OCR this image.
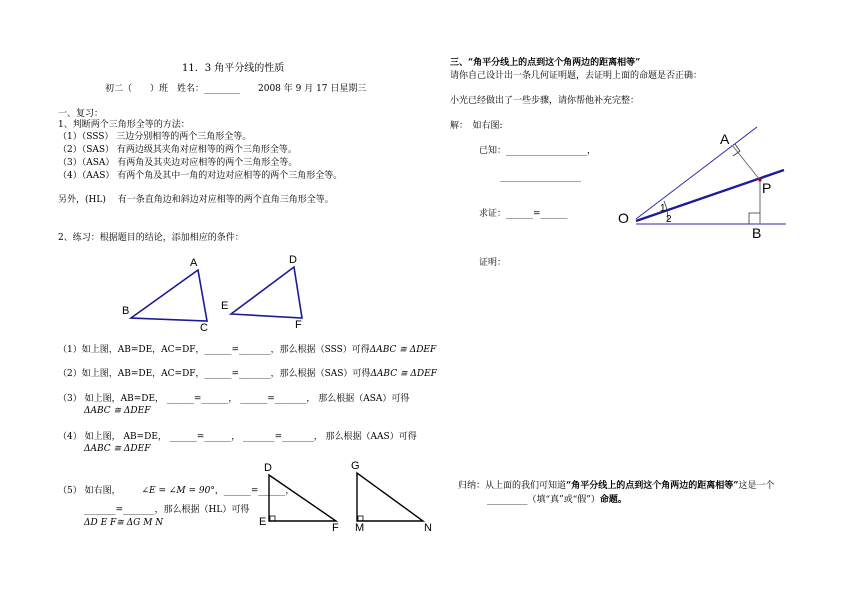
11．3 角平分线的性质
初二（　　）班　姓名：________　　2008 年 9 月 17 日星期三
一、复习：
1、判断两个三角形全等的方法：
（1）（SSS） 三边分别相等的两个三角形全等。
（2）（SAS） 有两边级其夹角对应相等的两个三角形全等。
（3）（ASA） 有两角及其夹边对应相等的两个三角形全等。
（4）（AAS） 有两个角及其中一角的对边对应相等的两个三角形全等。
另外，(HL)　 有一条直角边和斜边对应相等的两个直角三角形全等。
2、练习：根据题目的结论，添加相应的条件：
A
B
C
D
E
F
（1）如上图，AB=DE，AC=DF，______=_______，那么根据（SSS）可得ΔABC ≅ ΔDEF
（2）如上图，AB=DE，AC=DF，______=_______，那么根据（SAS）可得ΔABC ≅ ΔDEF
（3） 如上图，AB=DE， ______=______， ______=_______， 那么根据（ASA）可得
ΔABC ≅ ΔDEF
（4） 如上图， AB=DE， ______=______， _______=_______， 那么根据（AAS）可得
ΔABC ≅ ΔDEF
（5） 如右图， ∠E = ∠M = 90°，______=______，
_______=_______，那么根据（HL）可得
ΔD E F≅ ΔG M N
D
E	F
G
M	N
三、“角平分线上的点到这个角两边的距离相等”
请你自己设计出一条几何证明题，去证明上面的命题是否正确：
小光已经做出了一些步骤，请你帮他补充完整：
解：　如右图:
已知：__________________，
__________________
求证：______=______
证明：
A
P
O
B
1
2
归纳：从上面的我们可知道“角平分线上的点到这个角两边的距离相等”这是一个
_________（填“真”或“假”）命题。
